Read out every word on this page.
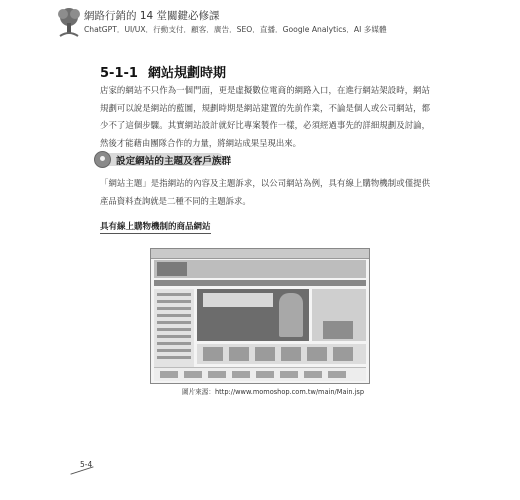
網路行銷的 14 堂關鍵必修課
ChatGPT．UI/UX．行動支付．顧客．廣告．SEO．直播．Google Analytics．AI 多媒體
5-1-1 網站規劃時期
店家的網站不只作為一個門面，更是虛擬數位電商的網路入口，在進行網站架設時，網站規劃可以說是網站的藍圖，規劃時期是網站建置的先前作業，不論是個人或公司網站，都少不了這個步驟。其實網站設計就好比專案製作一樣，必須經過事先的詳細規劃及討論，然後才能藉由團隊合作的力量，將網站成果呈現出來。
設定網站的主題及客戶族群
「網站主題」是指網站的內容及主題訴求，以公司網站為例，具有線上購物機制或僅提供產品資料查詢就是二種不同的主題訴求。
具有線上購物機制的商品網站
圖片來源：http://www.momoshop.com.tw/main/Main.jsp
5-4
